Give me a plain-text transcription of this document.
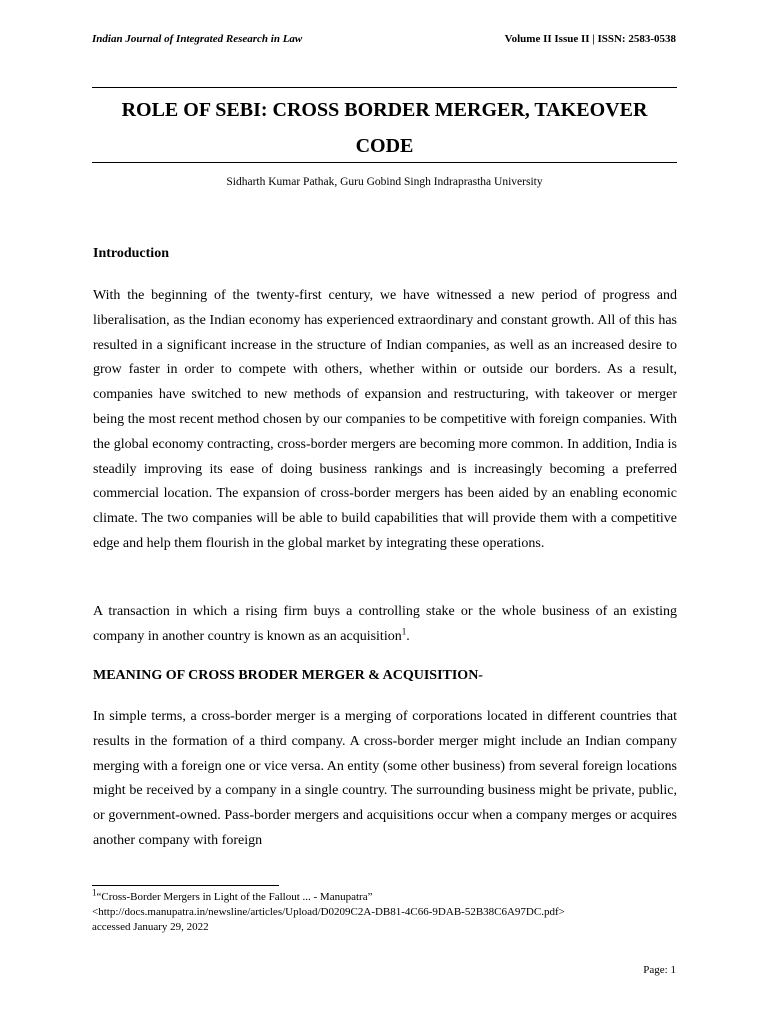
Indian Journal of Integrated Research in Law	Volume II Issue II | ISSN: 2583-0538
ROLE OF SEBI: CROSS BORDER MERGER, TAKEOVER
CODE
Sidharth Kumar Pathak, Guru Gobind Singh Indraprastha University
Introduction

With the beginning of the twenty-first century, we have witnessed a new period of progress and liberalisation, as the Indian economy has experienced extraordinary and constant growth. All of this has resulted in a significant increase in the structure of Indian companies, as well as an increased desire to grow faster in order to compete with others, whether within or outside our borders. As a result, companies have switched to new methods of expansion and restructuring, with takeover or merger being the most recent method chosen by our companies to be competitive with foreign companies. With the global economy contracting, cross-border mergers are becoming more common. In addition, India is steadily improving its ease of doing business rankings and is increasingly becoming a preferred commercial location. The expansion of cross-border mergers has been aided by an enabling economic climate. The two companies will be able to build capabilities that will provide them with a competitive edge and help them flourish in the global market by integrating these operations.

A transaction in which a rising firm buys a controlling stake or the whole business of an existing company in another country is known as an acquisition$^1$.

MEANING OF CROSS BRODER MERGER & ACQUISITION-

In simple terms, a cross-border merger is a merging of corporations located in different countries that results in the formation of a third company. A cross-border merger might include an Indian company merging with a foreign one or vice versa. An entity (some other business) from several foreign locations might be received by a company in a single country. The surrounding business might be private, public, or government-owned. Pass-border mergers and acquisitions occur when a company merges or acquires another company with foreign

$^1$“Cross-Border Mergers in Light of the Fallout ... - Manupatra”
<http://docs.manupatra.in/newsline/articles/Upload/D0209C2A-DB81-4C66-9DAB-52B38C6A97DC.pdf>
accessed January 29, 2022
Page: 1
